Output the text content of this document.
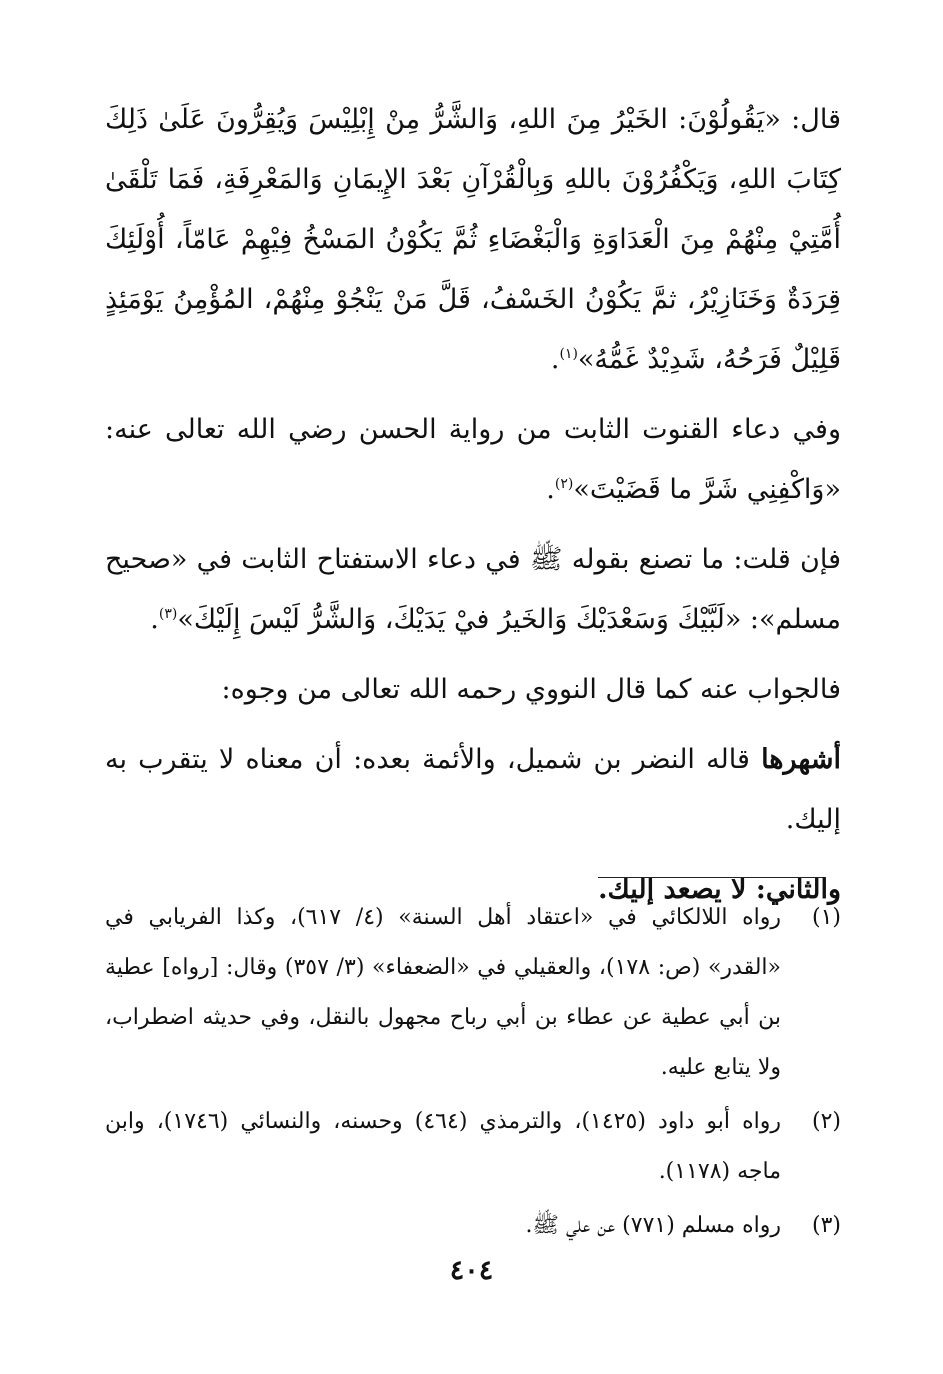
قال: «يَقُولُوْنَ: الخَيْرُ مِنَ اللهِ، وَالشَّرُّ مِنْ إِبْلِيْسَ وَيُقِرُّونَ عَلَىٰ ذَلِكَ كِتَابَ اللهِ، وَيَكْفُرُوْنَ باللهِ وَبِالْقُرْآنِ بَعْدَ الإِيمَانِ وَالمَعْرِفَةِ، فَمَا تَلْقَىٰ أُمَّتِيْ مِنْهُمْ مِنَ الْعَدَاوَةِ وَالْبَغْضَاءِ ثُمَّ يَكُوْنُ المَسْخُ فِيْهِمْ عَامّاً، أُوْلَئِكَ قِرَدَةٌ وَخَنَازِيْرُ، ثمَّ يَكُوْنُ الخَسْفُ، قَلَّ مَنْ يَنْجُوْ مِنْهُمْ، المُؤْمِنُ يَوْمَئِذٍ قَلِيْلٌ فَرَحُهُ، شَدِيْدٌ غَمُّهُ»$^{(١)}$.

وفي دعاء القنوت الثابت من رواية الحسن رضي الله تعالى عنه: «وَاكْفِنِي شَرَّ ما قَضَيْتَ»$^{(٢)}$.

فإن قلت: ما تصنع بقوله ﷺ في دعاء الاستفتاح الثابت في «صحيح مسلم»: «لَبَّيْكَ وَسَعْدَيْكَ وَالخَيرُ فيْ يَدَيْكَ، وَالشَّرُّ لَيْسَ إِلَيْكَ»$^{(٣)}$.

فالجواب عنه كما قال النووي رحمه الله تعالى من وجوه:

أشهرها قاله النضر بن شميل، والأئمة بعده: أن معناه لا يتقرب به إليك.

والثاني: لا يصعد إليك.

(١)
رواه اللالكائي في «اعتقاد أهل السنة» (٤/ ٦١٧)، وكذا الفريابي في «القدر» (ص: ١٧٨)، والعقيلي في «الضعفاء» (٣/ ٣٥٧) وقال: [رواه] عطية بن أبي عطية عن عطاء بن أبي رباح مجهول بالنقل، وفي حديثه اضطراب، ولا يتابع عليه.
(٢)
رواه أبو داود (١٤٢٥)، والترمذي (٤٦٤) وحسنه، والنسائي (١٧٤٦)، وابن ماجه (١١٧٨).
(٣)
رواه مسلم (٧٧١) عن علي ﷺ.
٤٠٤
